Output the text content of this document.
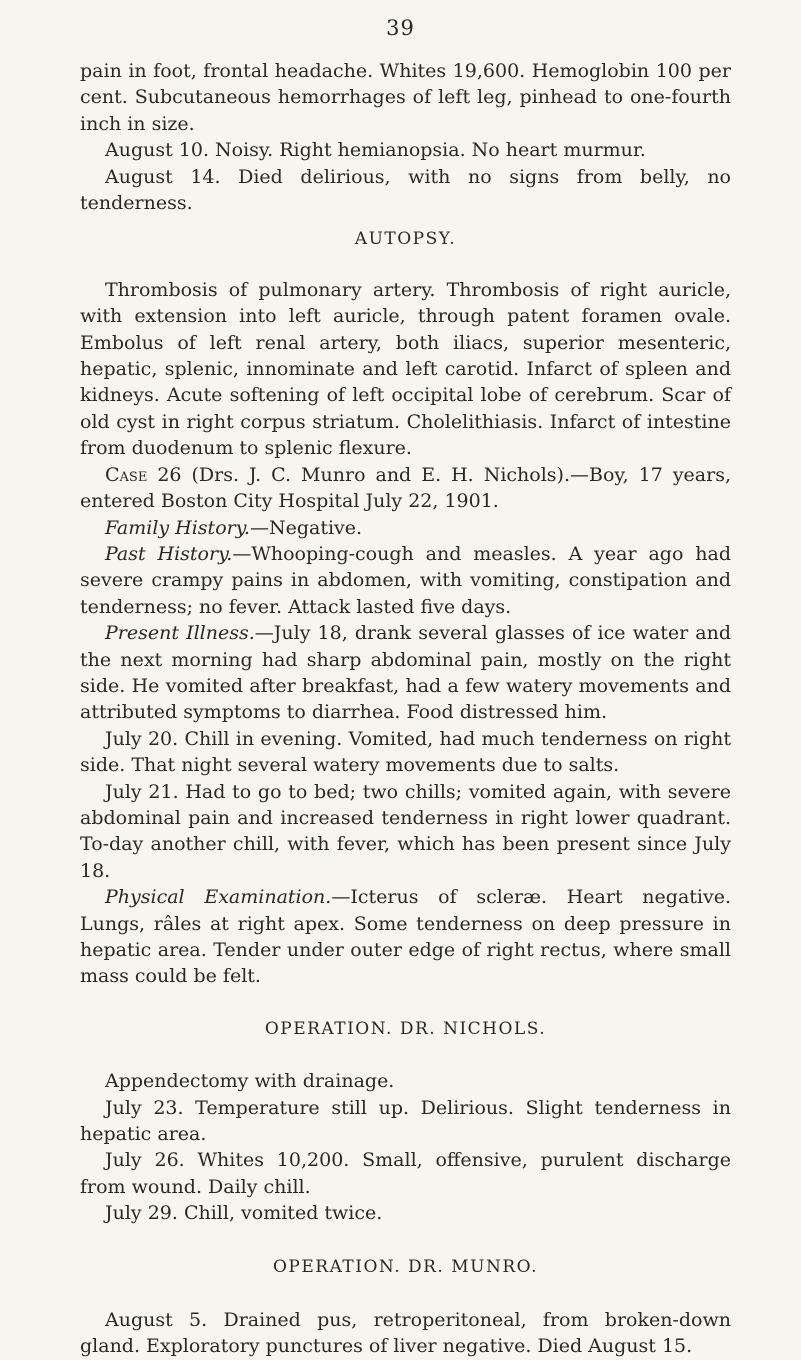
39

pain in foot, frontal headache. Whites 19,600. Hemoglobin 100 per cent. Subcutaneous hemorrhages of left leg, pinhead to one-fourth inch in size.

August 10. Noisy. Right hemianopsia. No heart murmur.

August 14. Died delirious, with no signs from belly, no tenderness.

AUTOPSY.

Thrombosis of pulmonary artery. Thrombosis of right auricle, with extension into left auricle, through patent foramen ovale. Embolus of left renal artery, both iliacs, superior mesenteric, hepatic, splenic, innominate and left carotid. Infarct of spleen and kidneys. Acute softening of left occipital lobe of cerebrum. Scar of old cyst in right corpus striatum. Cholelithiasis. Infarct of intestine from duodenum to splenic flexure.

Case 26 (Drs. J. C. Munro and E. H. Nichols).—Boy, 17 years, entered Boston City Hospital July 22, 1901.

Family History.—Negative.

Past History.—Whooping-cough and measles. A year ago had severe crampy pains in abdomen, with vomiting, constipation and tenderness; no fever. Attack lasted five days.

Present Illness.—July 18, drank several glasses of ice water and the next morning had sharp abdominal pain, mostly on the right side. He vomited after breakfast, had a few watery movements and attributed symptoms to diarrhea. Food distressed him.

July 20. Chill in evening. Vomited, had much tenderness on right side. That night several watery movements due to salts.

July 21. Had to go to bed; two chills; vomited again, with severe abdominal pain and increased tenderness in right lower quadrant. To-day another chill, with fever, which has been present since July 18.

Physical Examination.—Icterus of scleræ. Heart negative. Lungs, râles at right apex. Some tenderness on deep pressure in hepatic area. Tender under outer edge of right rectus, where small mass could be felt.

OPERATION. DR. NICHOLS.

Appendectomy with drainage.

July 23. Temperature still up. Delirious. Slight tenderness in hepatic area.

July 26. Whites 10,200. Small, offensive, purulent discharge from wound. Daily chill.

July 29. Chill, vomited twice.

OPERATION. DR. MUNRO.

August 5. Drained pus, retroperitoneal, from broken-down gland. Exploratory punctures of liver negative. Died August 15.
